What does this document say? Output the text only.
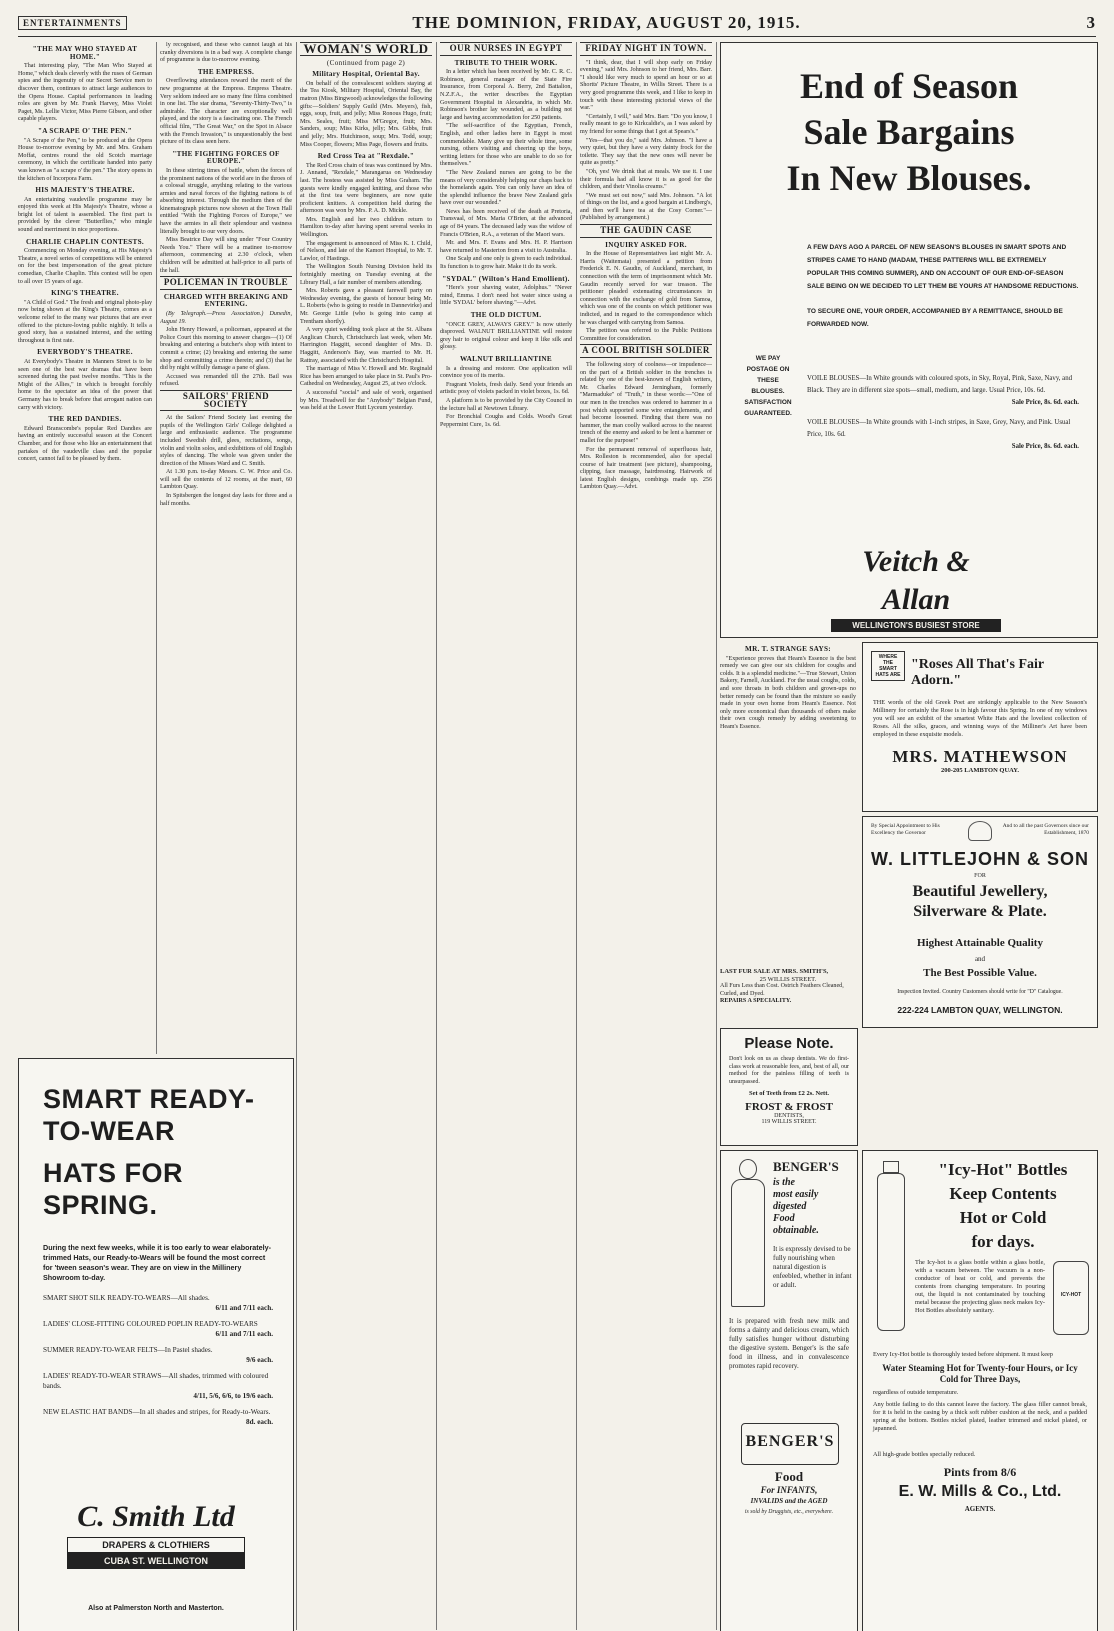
ENTERTAINMENTS	THE DOMINION, FRIDAY, AUGUST 20, 1915.	3
"THE MAY WHO STAYED AT HOME."

That interesting play, "The Man Who Stayed at Home," which deals cleverly with the ruses of German spies and the ingenuity of our Secret Service men to discover them, continues to attract large audiences to the Opera House. Capital performances in leading roles are given by Mr. Frank Harvey, Miss Violet Paget, Ms. Lellie Victor, Miss Pierre Gibson, and other capable players.

"A SCRAPE O' THE PEN."

"A Scrape o' the Pen," to be produced at the Opera House to-morrow evening by Mr. and Mrs. Graham Moffat, centres round the old Scotch marriage ceremony, in which the certificate handed into party was known as "a scrape o' the pen." The story opens in the kitchen of Incorpora Farm.

HIS MAJESTY'S THEATRE.

An entertaining vaudeville programme may be enjoyed this week at His Majesty's Theatre, whose a bright lot of talent is assembled. The first part is provided by the clever "Butterflies," who mingle sound and merriment in nice proportions.

CHARLIE CHAPLIN CONTESTS.

Commencing on Monday evening, at His Majesty's Theatre, a novel series of competitions will be entered on for the best impersonation of the great picture comedian, Charlie Chaplin. This contest will be open to all over 15 years of age.

KING'S THEATRE.

"A Child of God." The fresh and original photo-play now being shown at the King's Theatre, comes as a welcome relief to the many war pictures that are ever offered to the picture-loving public nightly. It tells a good story, has a sustained interest, and the setting throughout is first rate.

EVERYBODY'S THEATRE.

At Everybody's Theatre in Manners Street is to be seen one of the best war dramas that have been screened during the past twelve months. "This is the Might of the Allies," in which is brought forcibly home to the spectator an idea of the power that Germany has to break before that arrogant nation can carry with victory.

THE RED DANDIES.

Edward Branscombe's popular Red Dandies are having an entirely successful season at the Concert Chamber, and for those who like an entertainment that partakes of the vaudeville class and the popular concert, cannot fail to be pleased by them.

ly recognised, and these who cannot laugh at his cranky diversions is in a bad way. A complete change of programme is due to-morrow evening.

THE EMPRESS.

Overflowing attendances reward the merit of the new programme at the Empress. Empress Theatre. Very seldom indeed are so many fine films combined in one list. The star drama, "Seventy-Thirty-Two," is admirable. The character are exceptionally well played, and the story is a fascinating one. The French official film, "The Great War," on the Spot in Alsace with the French Invasion," is unquestionably the best picture of its class seen here.

"THE FIGHTING FORCES OF EUROPE."

In these stirring times of battle, when the forces of the prominent nations of the world are in the throes of a colossal struggle, anything relating to the various armies and naval forces of the fighting nations is of absorbing interest. Through the medium then of the kinematograph pictures now shown at the Town Hall entitled "With the Fighting Forces of Europe," we have the armies in all their splendour and vastness literally brought to our very doors.

Miss Beatrice Day will sing under "Four Country Needs You." There will be a matinee to-morrow afternoon, commencing at 2.30 o'clock, when children will be admitted at half-price to all parts of the hall.

POLICEMAN IN TROUBLE
CHARGED WITH BREAKING AND ENTERING.

(By Telegraph.—Press Association.) Dunedin, August 19.

John Henry Howard, a policeman, appeared at the Police Court this morning to answer charges—(1) Of breaking and entering a butcher's shop with intent to commit a crime; (2) breaking and entering the same shop and committing a crime therein; and (3) that he did by night wilfully damage a pane of glass.

Accused was remanded till the 27th. Bail was refused.

SAILORS' FRIEND SOCIETY

At the Sailors' Friend Society last evening the pupils of the Wellington Girls' College delighted a large and enthusiastic audience. The programme included Swedish drill, glees, recitations, songs, violin and violin solos, and exhibitions of old English styles of dancing. The whole was given under the direction of the Misses Ward and C. Smith.

At 1.30 p.m. to-day Messrs. C. W. Price and Co. will sell the contents of 12 rooms, at the mart, 60 Lambton Quay.

In Spitsbergen the longest day lasts for three and a half months.

WOMAN'S WORLD
(Continued from page 2)
Military Hospital, Oriental Bay.

On behalf of the convalescent soldiers staying at the Tea Kiosk, Military Hospital, Oriental Bay, the matron (Miss Bingwood) acknowledges the following gifts:—Soldiers' Supply Guild (Mrs. Meyers), fish, eggs, soup, fruit, and jelly; Miss Ronous Hugo, fruit; Mrs. Seales, fruit; Miss M'Gregor, fruit; Mrs. Sanders, soup; Miss Kirks, jelly; Mrs. Gibbs, fruit and jelly; Mrs. Hutchinson, soup; Mrs. Todd, soup; Miss Cooper, flowers; Miss Page, flowers and fruits.

Red Cross Tea at "Rexdale."

The Red Cross chain of teas was continued by Mrs. J. Annand, "Rexdale," Marangarua on Wednesday last. The hostess was assisted by Miss Graham. The guests were kindly engaged knitting, and those who at the first tea were beginners, are now quite proficient knitters. A competition held during the afternoon was won by Mrs. P. A. D. Mickle.

Mrs. English and her two children return to Hamilton to-day after having spent several weeks in Wellington.

The engagement is announced of Miss K. I. Child, of Nelson, and late of the Kamori Hospital, to Mr. T. Lawlor, of Hastings.

The Wellington South Nursing Division held its fortnightly meeting on Tuesday evening at the Library Hall, a fair number of members attending.

Mrs. Roberts gave a pleasant farewell party on Wednesday evening, the guests of honour being Mr. L. Roberts (who is going to reside in Dannevirke) and Mr. George Little (who is going into camp at Trentham shortly).

A very quiet wedding took place at the St. Albans Anglican Church, Christchurch last week, when Mr. Harrington Haggitt, second daughter of Mrs. D. Haggitt, Anderson's Bay, was married to Mr. H. Rattray, associated with the Christchurch Hospital.

The marriage of Miss V. Howell and Mr. Reginald Rice has been arranged to take place in St. Paul's Pro-Cathedral on Wednesday, August 25, at two o'clock.

A successful "social" and sale of work, organised by Mrs. Treadwell for the "Anybody" Belgian Fund, was held at the Lower Hutt Lyceum yesterday.

OUR NURSES IN EGYPT
TRIBUTE TO THEIR WORK.

In a letter which has been received by Mr. C. R. C. Robinson, general manager of the State Fire Insurance, from Corporal A. Berry, 2nd Battalion, N.Z.F.A., the writer describes the Egyptian Government Hospital in Alexandria, in which Mr. Robinson's brother lay wounded, as a building not large and having accommodation for 250 patients.

"The self-sacrifice of the Egyptian, French, English, and other ladies here in Egypt is most commendable. Many give up their whole time, some nursing, others visiting and cheering up the boys, writing letters for those who are unable to do so for themselves."

"The New Zealand nurses are going to be the means of very considerably helping our chaps back to the homelands again. You can only have an idea of the splendid influence the brave New Zealand girls have over our wounded."

News has been received of the death at Pretoria, Transvaal, of Mrs. Maria O'Brien, at the advanced age of 84 years. The deceased lady was the widow of Francis O'Brien, R.A., a veteran of the Maori wars.

Mr. and Mrs. F. Evans and Mrs. H. P. Harrison have returned to Masterton from a visit to Australia.

One Scalp and one only is given to each individual. Its function is to grow hair. Make it do its work.

"SYDAL" (Wilton's Hand Emollient).

"Here's your shaving water, Adolphus." "Never mind, Emma. I don't need hot water since using a little 'SYDAL' before shaving."—Advt.

THE OLD DICTUM.

"ONCE GREY, ALWAYS GREY." Is now utterly disproved. WALNUT BRILLIANTINE will restore grey hair to original colour and keep it like silk and glossy.

WALNUT BRILLIANTINE

Is a dressing and restorer. One application will convince you of its merits.

Fragrant Violets, fresh daily. Send your friends an artistic posy of violets packed in violet boxes, 1s. 6d.

A platform is to be provided by the City Council in the lecture hall at Newtown Library.

For Bronchial Coughs and Colds. Wood's Great Peppermint Cure, 1s. 6d.

FRIDAY NIGHT IN TOWN.

"I think, dear, that I will shop early on Friday evening," said Mrs. Johnson to her friend, Mrs. Barr. "I should like very much to spend an hour or so at Shortts' Picture Theatre, in Willis Street. There is a very good programme this week, and I like to keep in touch with these interesting pictorial views of the war."

"Certainly, I will," said Mrs. Barr. "Do you know, I really meant to go to Kirkcaldie's, as I was asked by my friend for some things that I got at Spears's."

"Yes—that you do," said Mrs. Johnson. "I have a very quiet, but they have a very dainty frock for the toilette. They say that the new ones will never be quite as pretty."

"Oh, yes! We drink that at meals. We use it. I use their formula had all know it is as good for the children, and their Vinolia creams."

"We must set out now," said Mrs. Johnson. "A lot of things on the list, and a good bargain at Lindberg's, and then we'll have tea at the Cosy Corner."—(Published by arrangement.)

THE GAUDIN CASE
INQUIRY ASKED FOR.

In the House of Representatives last night Mr. A. Harris (Waitemata) presented a petition from Frederick E. N. Gaudin, of Auckland, merchant, in connection with the term of imprisonment which Mr. Gaudin recently served for war treason. The petitioner pleaded extenuating circumstances in connection with the exchange of gold from Samoa, which was one of the counts on which petitioner was indicted, and in regard to the correspondence which he was charged with carrying from Samoa.

The petition was referred to the Public Petitions Committee for consideration.

A COOL BRITISH SOLDIER

The following story of coolness—or impudence—on the part of a British soldier in the trenches is related by one of the best-known of English writers, Mr. Charles Edward Jerningham, formerly "Marmaduke" of "Truth," in these words:—"One of our men in the trenches was ordered to hammer in a post which supported some wire entanglements, and had become loosened. Finding that there was no hammer, the man coolly walked across to the nearest trench of the enemy and asked to be lent a hammer or mallet for the purpose!"

For the permanent removal of superfluous hair, Mrs. Rolleston is recommended, also for special course of hair treatment (see picture), shampooing, clipping, face massage, hairdressing. Hairwork of latest English designs, combings made up. 256 Lambton Quay.—Advt.

End of Season
Sale Bargains
In New Blouses.
A FEW DAYS AGO A PARCEL OF NEW SEASON'S BLOUSES IN SMART SPOTS AND STRIPES CAME TO HAND (MADAM, THESE PATTERNS WILL BE EXTREMELY POPULAR THIS COMING SUMMER), AND ON ACCOUNT OF OUR END-OF-SEASON SALE BEING ON WE DECIDED TO LET THEM BE YOURS AT HANDSOME REDUCTIONS.
TO SECURE ONE, YOUR ORDER, ACCOMPANIED BY A REMITTANCE, SHOULD BE FORWARDED NOW.
WE PAY
POSTAGE ON
THESE
BLOUSES.
SATISFACTION
GUARANTEED.
VOILE BLOUSES—In White grounds with coloured spots, in Sky, Royal, Pink, Saxe, Navy, and Black. They are in different size spots—small, medium, and large. Usual Price, 10s. 6d.
Sale Price, 8s. 6d. each.
VOILE BLOUSES—In White grounds with 1-inch stripes, in Saxe, Grey, Navy, and Pink. Usual Price, 10s. 6d.
Sale Price, 8s. 6d. each.
Veitch & Allan
WELLINGTON'S BUSIEST STORE
MR. T. STRANGE SAYS:

"Experience proves that Heam's Essence is the best remedy we can give our six children for coughs and colds. It is a splendid medicine."—True Stewart, Union Bakery, Farnell, Auckland. For the usual coughs, colds, and sore throats in both children and grown-ups no better remedy can be found than the mixture so easily made in your own home from Heam's Essence. Not only more economical than thousands of others make their own cough remedy by adding sweetening to Heam's Essence.

WHERE THE SMART HATS ARE
"Roses All That's Fair Adorn."
THE words of the old Greek Poet are strikingly applicable to the New Season's Millinery for certainly the Rose is in high favour this Spring. In one of my windows you will see an exhibit of the smartest White Hats and the loveliest collection of Roses. All the silks, graces, and winning ways of the Milliner's Art have been employed in these exquisite models.
MRS. MATHEWSON
200-205 LAMBTON QUAY.
By Special Appointment to His Excellency the Governor
And to all the past Governors since our Establishment, 1870
W. LITTLEJOHN & SON
FOR
Beautiful Jewellery,
Silverware & Plate.
Highest Attainable Quality
and
The Best Possible Value.
Inspection Invited. Country Customers should write for "D" Catalogue.
222-224 LAMBTON QUAY, WELLINGTON.
LAST FUR SALE AT MRS. SMITH'S,
25 WILLIS STREET.
All Furs Less than Cost. Ostrich Feathers Cleaned, Curled, and Dyed.
REPAIRS A SPECIALITY.
Please Note.
Don't look on us as cheap dentists. We do first-class work at reasonable fees, and, best of all, our method for the painless filling of teeth is unsurpassed.
Set of Teeth from £2 2s. Nett.
FROST & FROST
DENTISTS,
119 WILLIS STREET.
BENGER'S
is the
most easily
digested
Food
obtainable.
It is expressly devised to be fully nourishing when natural digestion is enfeebled, whether in infant or adult.
It is prepared with fresh new milk and forms a dainty and delicious cream, which fully satisfies hunger without disturbing the digestive system. Benger's is the safe food in illness, and in convalescence promotes rapid recovery.
BENGER'S
Food
For INFANTS,
INVALIDS and the AGED
is sold by Druggists, etc., everywhere.
"Icy-Hot" Bottles
Keep Contents
Hot or Cold
for days.
The Icy-hot is a glass bottle within a glass bottle, with a vacuum between. The vacuum is a non-conductor of heat or cold, and prevents the contents from changing temperature. In pouring out, the liquid is not contaminated by touching metal because the projecting glass neck makes Icy-Hot Bottles absolutely sanitary.
ICY-HOT
Every Icy-Hot bottle is thoroughly tested before shipment. It must keep
Water Steaming Hot for Twenty-four Hours, or Icy Cold for Three Days,
regardless of outside temperature.
Any bottle failing to do this cannot leave the factory. The glass filler cannot break, for it is held in the casing by a thick soft rubber cushion at the neck, and a padded spring at the bottom. Bottles nickel plated, leather trimmed and nickel plated, or japanned.
All high-grade bottles specially reduced.
Pints from 8/6
E. W. Mills & Co., Ltd.
AGENTS.
SMART READY-TO-WEAR
HATS FOR SPRING.
During the next few weeks, while it is too early to wear elaborately-trimmed Hats, our Ready-to-Wears will be found the most correct for 'tween season's wear. They are on view in the Millinery Showroom to-day.
SMART SHOT SILK READY-TO-WEARS—All shades.
6/11 and 7/11 each.
LADIES' CLOSE-FITTING COLOURED POPLIN READY-TO-WEARS
6/11 and 7/11 each.
SUMMER READY-TO-WEAR FELTS—In Pastel shades.
9/6 each.
LADIES' READY-TO-WEAR STRAWS—All shades, trimmed with coloured bands.
4/11, 5/6, 6/6, to 19/6 each.
NEW ELASTIC HAT BANDS—In all shades and stripes, for Ready-to-Wears.
8d. each.
C. Smith Ltd
DRAPERS & CLOTHIERS
CUBA ST. WELLINGTON
Also at Palmerston North and Masterton.
